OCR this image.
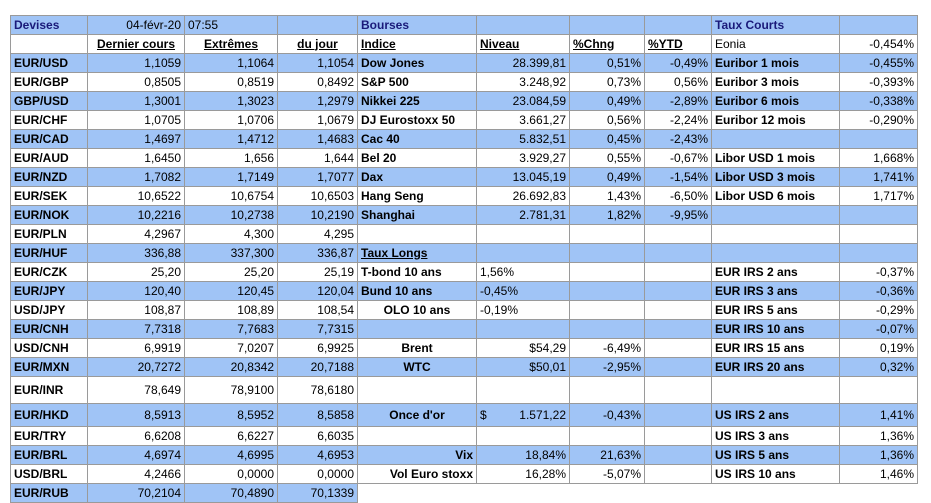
Devises	04-févr-20	07:55		Bourses				Taux Courts	
	Dernier cours	Extrêmes	du jour	Indice	Niveau	%Chng	%YTD	Eonia	-0,454%
EUR/USD	1,1059	1,1064	1,1054	Dow Jones	28.399,81	0,51%	-0,49%	Euribor 1 mois	-0,455%
EUR/GBP	0,8505	0,8519	0,8492	S&P 500	3.248,92	0,73%	0,56%	Euribor 3 mois	-0,393%
GBP/USD	1,3001	1,3023	1,2979	Nikkei 225	23.084,59	0,49%	-2,89%	Euribor 6 mois	-0,338%
EUR/CHF	1,0705	1,0706	1,0679	DJ Eurostoxx 50	3.661,27	0,56%	-2,24%	Euribor 12 mois	-0,290%
EUR/CAD	1,4697	1,4712	1,4683	Cac 40	5.832,51	0,45%	-2,43%		
EUR/AUD	1,6450	1,656	1,644	Bel 20	3.929,27	0,55%	-0,67%	Libor USD 1 mois	1,668%
EUR/NZD	1,7082	1,7149	1,7077	Dax	13.045,19	0,49%	-1,54%	Libor USD 3 mois	1,741%
EUR/SEK	10,6522	10,6754	10,6503	Hang Seng	26.692,83	1,43%	-6,50%	Libor USD 6 mois	1,717%
EUR/NOK	10,2216	10,2738	10,2190	Shanghai	2.781,31	1,82%	-9,95%		
EUR/PLN	4,2967	4,300	4,295						
EUR/HUF	336,88	337,300	336,87	Taux Longs					
EUR/CZK	25,20	25,20	25,19	T-bond 10 ans	1,56%			EUR IRS 2 ans	-0,37%
EUR/JPY	120,40	120,45	120,04	Bund 10 ans	-0,45%			EUR IRS 3 ans	-0,36%
USD/JPY	108,87	108,89	108,54	OLO 10 ans	-0,19%			EUR IRS 5 ans	-0,29%
EUR/CNH	7,7318	7,7683	7,7315					EUR IRS 10 ans	-0,07%
USD/CNH	6,9919	7,0207	6,9925	Brent	$54,29	-6,49%		EUR IRS 15 ans	0,19%
EUR/MXN	20,7272	20,8342	20,7188	WTC	$50,01	-2,95%		EUR IRS 20 ans	0,32%
EUR/INR	78,649	78,9100	78,6180						
EUR/HKD	8,5913	8,5952	8,5858	Once d'or	$ 1.571,22	-0,43%		US IRS 2 ans	1,41%
EUR/TRY	6,6208	6,6227	6,6035					US IRS 3 ans	1,36%
EUR/BRL	4,6974	4,6995	4,6953	Vix	18,84%	21,63%		US IRS 5 ans	1,36%
USD/BRL	4,2466	0,0000	0,0000	Vol Euro stoxx	16,28%	-5,07%		US IRS 10 ans	1,46%
EUR/RUB	70,2104	70,4890	70,1339						
